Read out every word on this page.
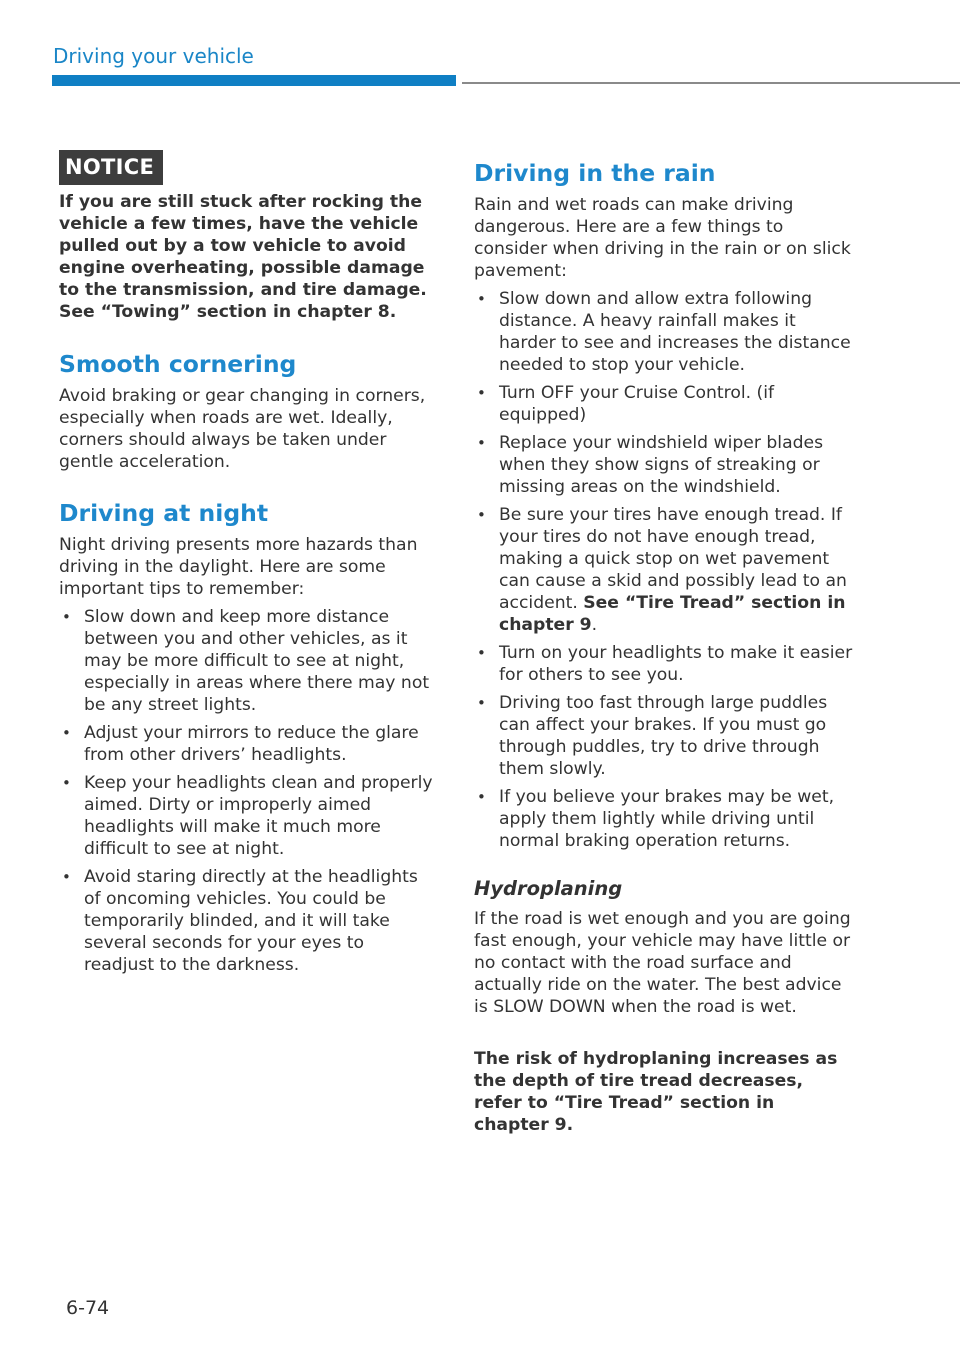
Driving your vehicle
NOTICE

If you are still stuck after rocking the vehicle a few times, have the vehicle pulled out by a tow vehicle to avoid engine overheating, possible damage to the transmission, and tire damage. See “Towing” section in chapter 8.

Smooth cornering

Avoid braking or gear changing in corners, especially when roads are wet. Ideally, corners should always be taken under gentle acceleration.

Driving at night

Night driving presents more hazards than driving in the daylight. Here are some important tips to remember:

• Slow down and keep more distance between you and other vehicles, as it may be more difficult to see at night, especially in areas where there may not be any street lights.
• Adjust your mirrors to reduce the glare from other drivers’ headlights.
• Keep your headlights clean and properly aimed. Dirty or improperly aimed headlights will make it much more difficult to see at night.
• Avoid staring directly at the headlights of oncoming vehicles. You could be temporarily blinded, and it will take several seconds for your eyes to readjust to the darkness.
Driving in the rain

Rain and wet roads can make driving dangerous. Here are a few things to consider when driving in the rain or on slick pavement:

• Slow down and allow extra following distance. A heavy rainfall makes it harder to see and increases the distance needed to stop your vehicle.
• Turn OFF your Cruise Control. (if equipped)
• Replace your windshield wiper blades when they show signs of streaking or missing areas on the windshield.
• Be sure your tires have enough tread. If your tires do not have enough tread, making a quick stop on wet pavement can cause a skid and possibly lead to an accident. See “Tire Tread” section in chapter 9.
• Turn on your headlights to make it easier for others to see you.
• Driving too fast through large puddles can affect your brakes. If you must go through puddles, try to drive through them slowly.
• If you believe your brakes may be wet, apply them lightly while driving until normal braking operation returns.
Hydroplaning

If the road is wet enough and you are going fast enough, your vehicle may have little or no contact with the road surface and actually ride on the water. The best advice is SLOW DOWN when the road is wet.

The risk of hydroplaning increases as the depth of tire tread decreases, refer to “Tire Tread” section in chapter 9.

6-74
